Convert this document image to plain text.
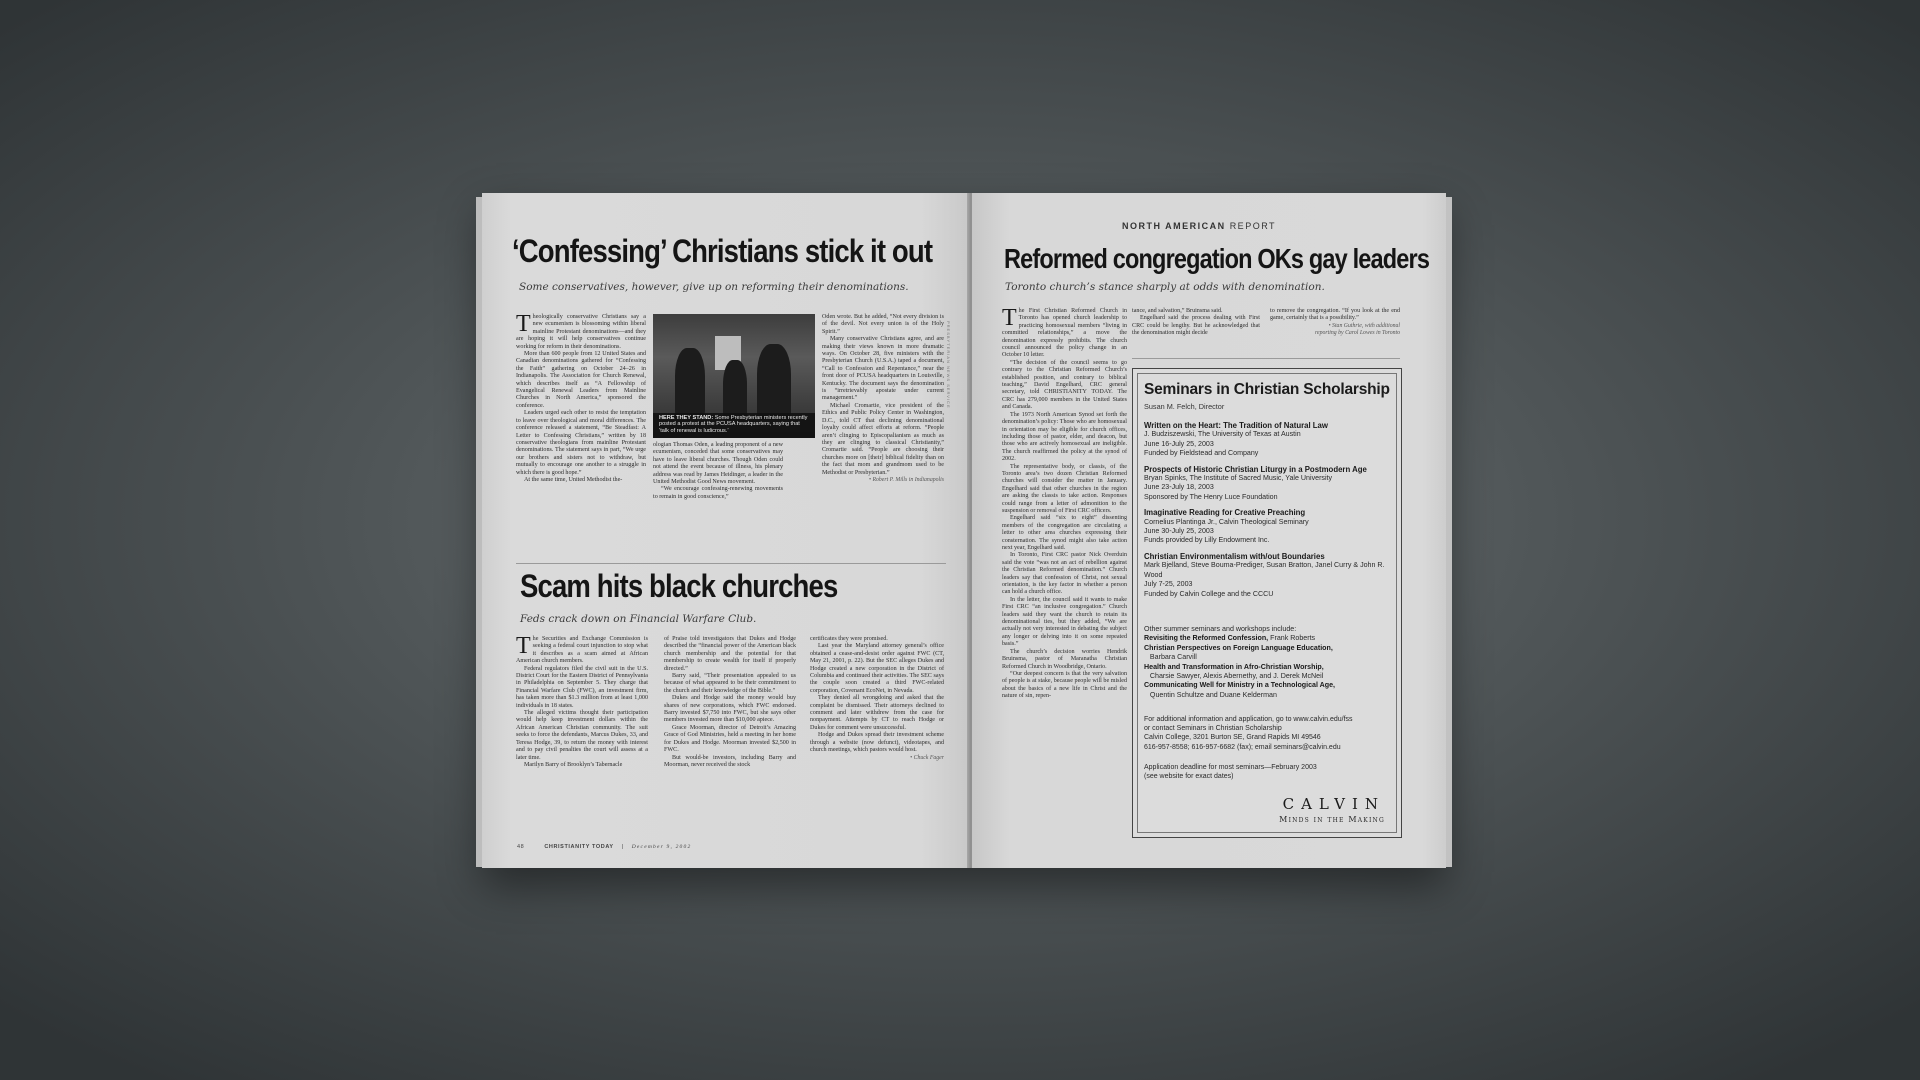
‘Confessing’ Christians stick it out
Some conservatives, however, give up on reforming their denominations.

Theologically conservative Christians say a new ecumenism is blossoming within liberal mainline Protestant denominations—and they are hoping it will help conservatives continue working for reform in their denominations.

More than 600 people from 12 United States and Canadian denominations gathered for “Confessing the Faith” gathering on October 24–26 in Indianapolis. The Association for Church Renewal, which describes itself as “A Fellowship of Evangelical Renewal Leaders from Mainline Churches in North America,” sponsored the conference.

Leaders urged each other to resist the temptation to leave over theological and moral differences. The conference released a statement, “Be Steadfast: A Letter to Confessing Christians,” written by 18 conservative theologians from mainline Protestant denominations. The statement says in part, “We urge our brothers and sisters not to withdraw, but mutually to encourage one another to a struggle in which there is good hope.”

At the same time, United Methodist the-

HERE THEY STAND: Some Presbyterian ministers recently posted a protest at the PCUSA headquarters, saying that ‘talk of renewal is ludicrous.’
PRESBYTERIAN NEWS SERVICE

ologian Thomas Oden, a leading proponent of a new ecumenism, conceded that some conservatives may have to leave liberal churches. Though Oden could not attend the event because of illness, his plenary address was read by James Heidinger, a leader in the United Methodist Good News movement.

“We encourage confessing-renewing movements to remain in good conscience,”

Oden wrote. But he added, “Not every division is of the devil. Not every union is of the Holy Spirit.”

Many conservative Christians agree, and are making their views known in more dramatic ways. On October 28, five ministers with the Presbyterian Church (U.S.A.) taped a document, “Call to Confession and Repentance,” near the front door of PCUSA headquarters in Louisville, Kentucky. The document says the denomination is “irretrievably apostate under current management.”

Michael Cromartie, vice president of the Ethics and Public Policy Center in Washington, D.C., told CT that declining denominational loyalty could affect efforts at reform. “People aren’t clinging to Episcopalianism as much as they are clinging to classical Christianity,” Cromartie said. “People are choosing their churches more on [their] biblical fidelity than on the fact that mom and grandmom used to be Methodist or Presbyterian.”

• Robert P. Mills in Indianapolis
Scam hits black churches
Feds crack down on Financial Warfare Club.

The Securities and Exchange Commission is seeking a federal court injunction to stop what it describes as a scam aimed at African American church members.

Federal regulators filed the civil suit in the U.S. District Court for the Eastern District of Pennsylvania in Philadelphia on September 5. They charge that Financial Warfare Club (FWC), an investment firm, has taken more than $1.3 million from at least 1,000 individuals in 18 states.

The alleged victims thought their participation would help keep investment dollars within the African American Christian community. The suit seeks to force the defendants, Marcus Dukes, 33, and Teresa Hodge, 39, to return the money with interest and to pay civil penalties the court will assess at a later time.

Marilyn Barry of Brooklyn’s Tabernacle

of Praise told investigators that Dukes and Hodge described the “financial power of the American black church membership and the potential for that membership to create wealth for itself if properly directed.”

Barry said, “Their presentation appealed to us because of what appeared to be their commitment to the church and their knowledge of the Bible.”

Dukes and Hodge said the money would buy shares of new corporations, which FWC endorsed. Barry invested $7,750 into FWC, but she says other members invested more than $10,000 apiece.

Grace Moorman, director of Detroit’s Amazing Grace of God Ministries, held a meeting in her home for Dukes and Hodge. Moorman invested $2,500 in FWC.

But would-be investors, including Barry and Moorman, never received the stock

certificates they were promised.

Last year the Maryland attorney general’s office obtained a cease-and-desist order against FWC (CT, May 21, 2001, p. 22). But the SEC alleges Dukes and Hodge created a new corporation in the District of Columbia and continued their activities. The SEC says the couple soon created a third FWC-related corporation, Covenant EcoNet, in Nevada.

They denied all wrongdoing and asked that the complaint be dismissed. Their attorneys declined to comment and later withdrew from the case for nonpayment. Attempts by CT to reach Hodge or Dukes for comment were unsuccessful.

Hodge and Dukes spread their investment scheme through a website (now defunct), videotapes, and church meetings, which pastors would host.

• Chuck Fager
48	CHRISTIANITY TODAY | December 9, 2002
NORTH AMERICAN REPORT
Reformed congregation OKs gay leaders
Toronto church’s stance sharply at odds with denomination.

The First Christian Reformed Church in Toronto has opened church leadership to practicing homosexual members “living in committed relationships,” a move the denomination expressly prohibits. The church council announced the policy change in an October 10 letter.

“The decision of the council seems to go contrary to the Christian Reformed Church’s established position, and contrary to biblical teaching,” David Engelhard, CRC general secretary, told CHRISTIANITY TODAY. The CRC has 279,000 members in the United States and Canada.

The 1973 North American Synod set forth the denomination’s policy: Those who are homosexual in orientation may be eligible for church offices, including those of pastor, elder, and deacon, but those who are actively homosexual are ineligible. The church reaffirmed the policy at the synod of 2002.

The representative body, or classis, of the Toronto area’s two dozen Christian Reformed churches will consider the matter in January. Engelhard said that other churches in the region are asking the classis to take action. Responses could range from a letter of admonition to the suspension or removal of First CRC officers.

Engelhard said “six to eight” dissenting members of the congregation are circulating a letter to other area churches expressing their consternation. The synod might also take action next year, Engelhard said.

In Toronto, First CRC pastor Nick Overduin said the vote “was not an act of rebellion against the Christian Reformed denomination.” Church leaders say that confession of Christ, not sexual orientation, is the key factor in whether a person can hold a church office.

In the letter, the council said it wants to make First CRC “an inclusive congregation.” Church leaders said they want the church to retain its denominational ties, but they added, “We are actually not very interested in debating the subject any longer or delving into it on some repeated basis.”

The church’s decision worries Hendrik Bruinsma, pastor of Maranatha Christian Reformed Church in Woodbridge, Ontario.

“Our deepest concern is that the very salvation of people is at stake, because people will be misled about the basics of a new life in Christ and the nature of sin, repen-

tance, and salvation,” Bruinsma said.

Engelhard said the process dealing with First CRC could be lengthy. But he acknowledged that the denomination might decide

to remove the congregation. “If you look at the end game, certainly that is a possibility.”

• Stan Guthrie, with additional
reporting by Carol Lowes in Toronto
Seminars in Christian Scholarship
Susan M. Felch, Director
Written on the Heart: The Tradition of Natural Law
J. Budziszewski, The University of Texas at Austin
June 16-July 25, 2003
Funded by Fieldstead and Company
Prospects of Historic Christian Liturgy in a Postmodern Age
Bryan Spinks, The Institute of Sacred Music, Yale University
June 23-July 18, 2003
Sponsored by The Henry Luce Foundation
Imaginative Reading for Creative Preaching
Cornelius Plantinga Jr., Calvin Theological Seminary
June 30-July 25, 2003
Funds provided by Lilly Endowment Inc.
Christian Environmentalism with/out Boundaries
Mark Bjelland, Steve Bouma-Prediger, Susan Bratton, Janel Curry & John R. Wood
July 7-25, 2003
Funded by Calvin College and the CCCU
Other summer seminars and workshops include:
Revisiting the Reformed Confession, Frank Roberts
Christian Perspectives on Foreign Language Education,
Barbara Carvill
Health and Transformation in Afro-Christian Worship,
Charsie Sawyer, Alexis Abernethy, and J. Derek McNeil
Communicating Well for Ministry in a Technological Age,
Quentin Schultze and Duane Kelderman
For additional information and application, go to www.calvin.edu/fss
or contact Seminars in Christian Scholarship
Calvin College, 3201 Burton SE, Grand Rapids MI 49546
616-957-8558; 616-957-6682 (fax); email seminars@calvin.edu
Application deadline for most seminars—February 2003
(see website for exact dates)
CALVIN
Minds in the Making
